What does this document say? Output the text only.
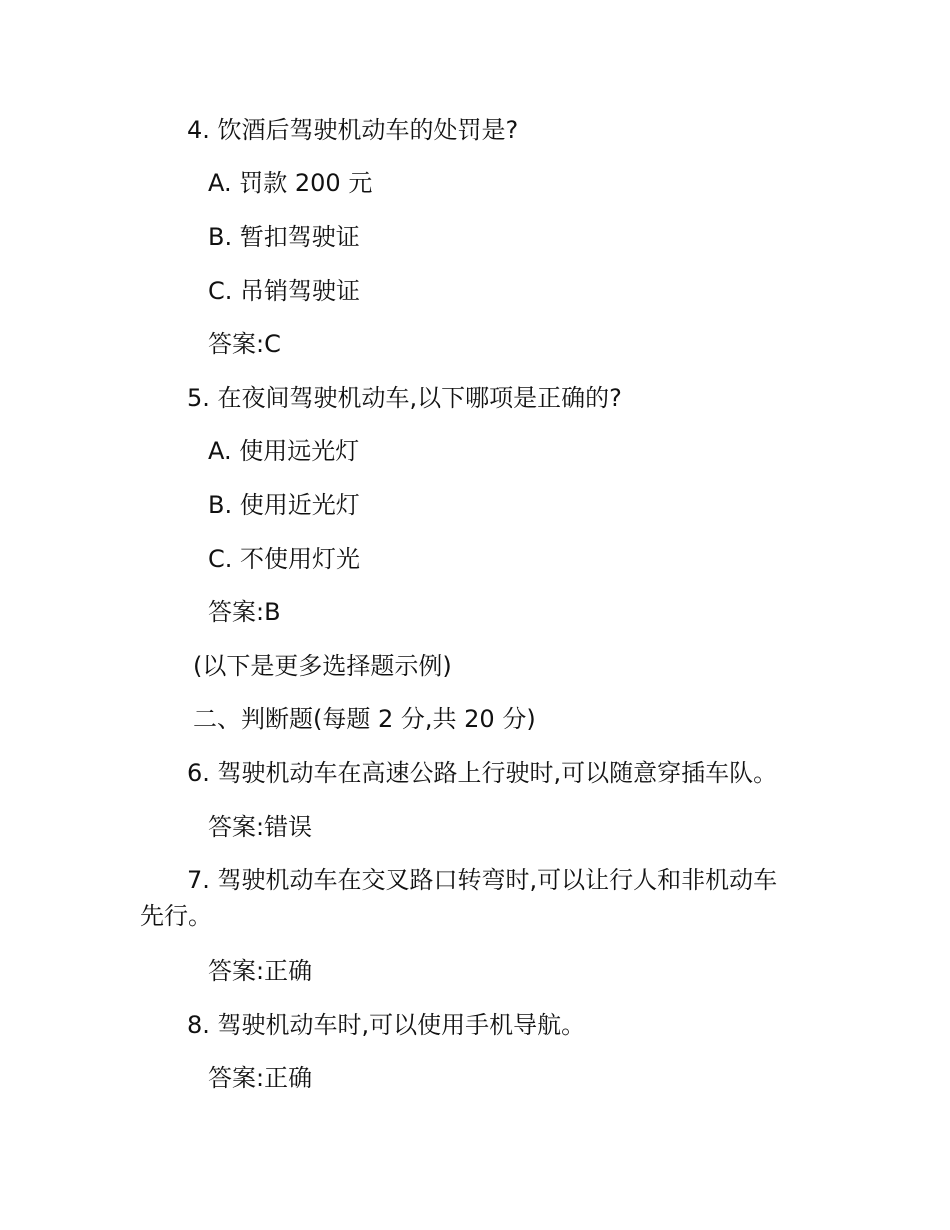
4. 饮酒后驾驶机动车的处罚是?

A. 罚款 200 元

B. 暂扣驾驶证

C. 吊销驾驶证

答案:C

5. 在夜间驾驶机动车,以下哪项是正确的?

A. 使用远光灯

B. 使用近光灯

C. 不使用灯光

答案:B

(以下是更多选择题示例)

二、判断题(每题 2 分,共 20 分)

6. 驾驶机动车在高速公路上行驶时,可以随意穿插车队。

答案:错误

7. 驾驶机动车在交叉路口转弯时,可以让行人和非机动车

先行。

答案:正确

8. 驾驶机动车时,可以使用手机导航。

答案:正确
